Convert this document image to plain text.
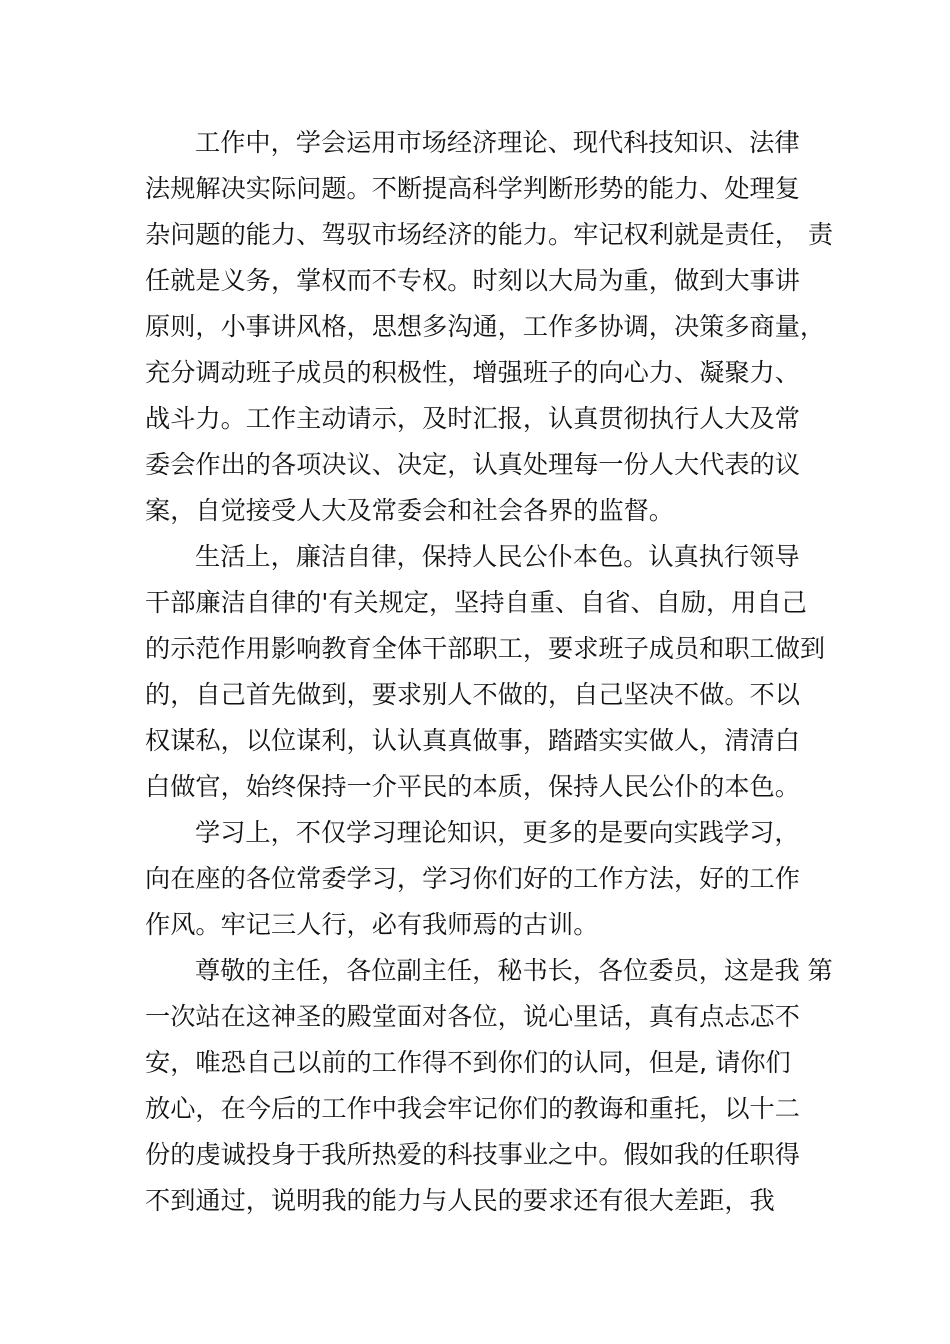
工作中，学会运用市场经济理论、现代科技知识、法律
法规解决实际问题。不断提高科学判断形势的能力、处理复
杂问题的能力、驾驭市场经济的能力。牢记权利就是责任， 责
任就是义务，掌权而不专权。时刻以大局为重，做到大事讲
原则，小事讲风格，思想多沟通，工作多协调，决策多商量，
充分调动班子成员的积极性，增强班子的向心力、凝聚力、
战斗力。工作主动请示，及时汇报，认真贯彻执行人大及常
委会作出的各项决议、决定，认真处理每一份人大代表的议
案，自觉接受人大及常委会和社会各界的监督。
生活上，廉洁自律，保持人民公仆本色。认真执行领导
干部廉洁自律的'有关规定，坚持自重、自省、自励，用自己
的示范作用影响教育全体干部职工，要求班子成员和职工做到
的，自己首先做到，要求别人不做的，自己坚决不做。不以
权谋私，以位谋利，认认真真做事，踏踏实实做人，清清白
白做官，始终保持一介平民的本质，保持人民公仆的本色。
学习上，不仅学习理论知识，更多的是要向实践学习，
向在座的各位常委学习，学习你们好的工作方法，好的工作
作风。牢记三人行，必有我师焉的古训。
尊敬的主任，各位副主任，秘书长，各位委员，这是我 第
一次站在这神圣的殿堂面对各位，说心里话，真有点忐忑不
安，唯恐自己以前的工作得不到你们的认同，但是, 请你们
放心，在今后的工作中我会牢记你们的教诲和重托，以十二
份的虔诚投身于我所热爱的科技事业之中。假如我的任职得
不到通过，说明我的能力与人民的要求还有很大差距，我
